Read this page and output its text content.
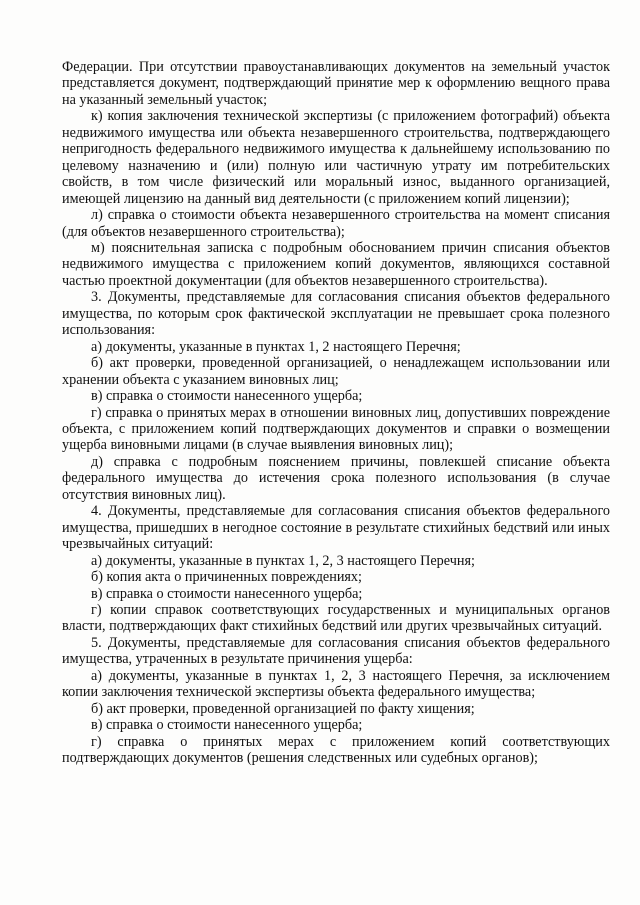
Федерации. При отсутствии правоустанавливающих документов на земельный участок представляется документ, подтверждающий принятие мер к оформлению вещного права на указанный земельный участок;

к) копия заключения технической экспертизы (с приложением фотографий) объекта недвижимого имущества или объекта незавершенного строительства, подтверждающего непригодность федерального недвижимого имущества к дальнейшему использованию по целевому назначению и (или) полную или частичную утрату им потребительских свойств, в том числе физический или моральный износ, выданного организацией, имеющей лицензию на данный вид деятельности (с приложением копий лицензии);

л) справка о стоимости объекта незавершенного строительства на момент списания (для объектов незавершенного строительства);

м) пояснительная записка с подробным обоснованием причин списания объектов недвижимого имущества с приложением копий документов, являющихся составной частью проектной документации (для объектов незавершенного строительства).

3. Документы, представляемые для согласования списания объектов федерального имущества, по которым срок фактической эксплуатации не превышает срока полезного использования:

а) документы, указанные в пунктах 1, 2 настоящего Перечня;

б) акт проверки, проведенной организацией, о ненадлежащем использовании или хранении объекта с указанием виновных лиц;

в) справка о стоимости нанесенного ущерба;

г) справка о принятых мерах в отношении виновных лиц, допустивших повреждение объекта, с приложением копий подтверждающих документов и справки о возмещении ущерба виновными лицами (в случае выявления виновных лиц);

д) справка с подробным пояснением причины, повлекшей списание объекта федерального имущества до истечения срока полезного использования (в случае отсутствия виновных лиц).

4. Документы, представляемые для согласования списания объектов федерального имущества, пришедших в негодное состояние в результате стихийных бедствий или иных чрезвычайных ситуаций:

а) документы, указанные в пунктах 1, 2, 3 настоящего Перечня;

б) копия акта о причиненных повреждениях;

в) справка о стоимости нанесенного ущерба;

г) копии справок соответствующих государственных и муниципальных органов власти, подтверждающих факт стихийных бедствий или других чрезвычайных ситуаций.

5. Документы, представляемые для согласования списания объектов федерального имущества, утраченных в результате причинения ущерба:

а) документы, указанные в пунктах 1, 2, 3 настоящего Перечня, за исключением копии заключения технической экспертизы объекта федерального имущества;

б) акт проверки, проведенной организацией по факту хищения;

в) справка о стоимости нанесенного ущерба;

г) справка о принятых мерах с приложением копий соответствующих подтверждающих документов (решения следственных или судебных органов);
